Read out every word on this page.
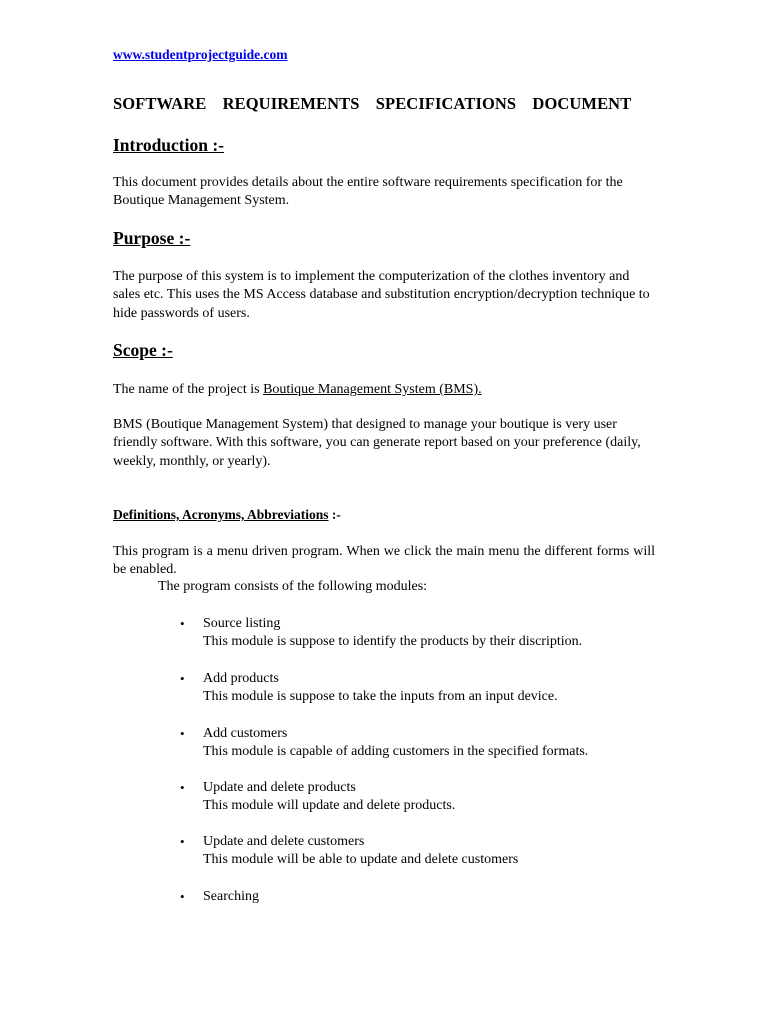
www.studentprojectguide.com
SOFTWARE REQUIREMENTS SPECIFICATIONS DOCUMENT
Introduction :-
This document provides details about the entire software requirements specification for the Boutique Management System.
Purpose :-
The purpose of this system is to implement the computerization of the clothes inventory and sales etc. This uses the MS Access database and substitution encryption/decryption technique to hide passwords of users.
Scope :-
The name of the project is Boutique Management System (BMS).
BMS (Boutique Management System) that designed to manage your boutique is very user friendly software. With this software, you can generate report based on your preference (daily, weekly, monthly, or yearly).
Definitions, Acronyms, Abbreviations :-
This program is a menu driven program. When we click the main menu the different forms will be enabled.
The program consists of the following modules:
• Source listing
This module is suppose to identify the products by their discription.
• Add products
This module is suppose to take the inputs from an input device.
• Add customers
This module is capable of adding customers in the specified formats.
• Update and delete products
This module will update and delete products.
• Update and delete customers
This module will be able to update and delete customers
• Searching
